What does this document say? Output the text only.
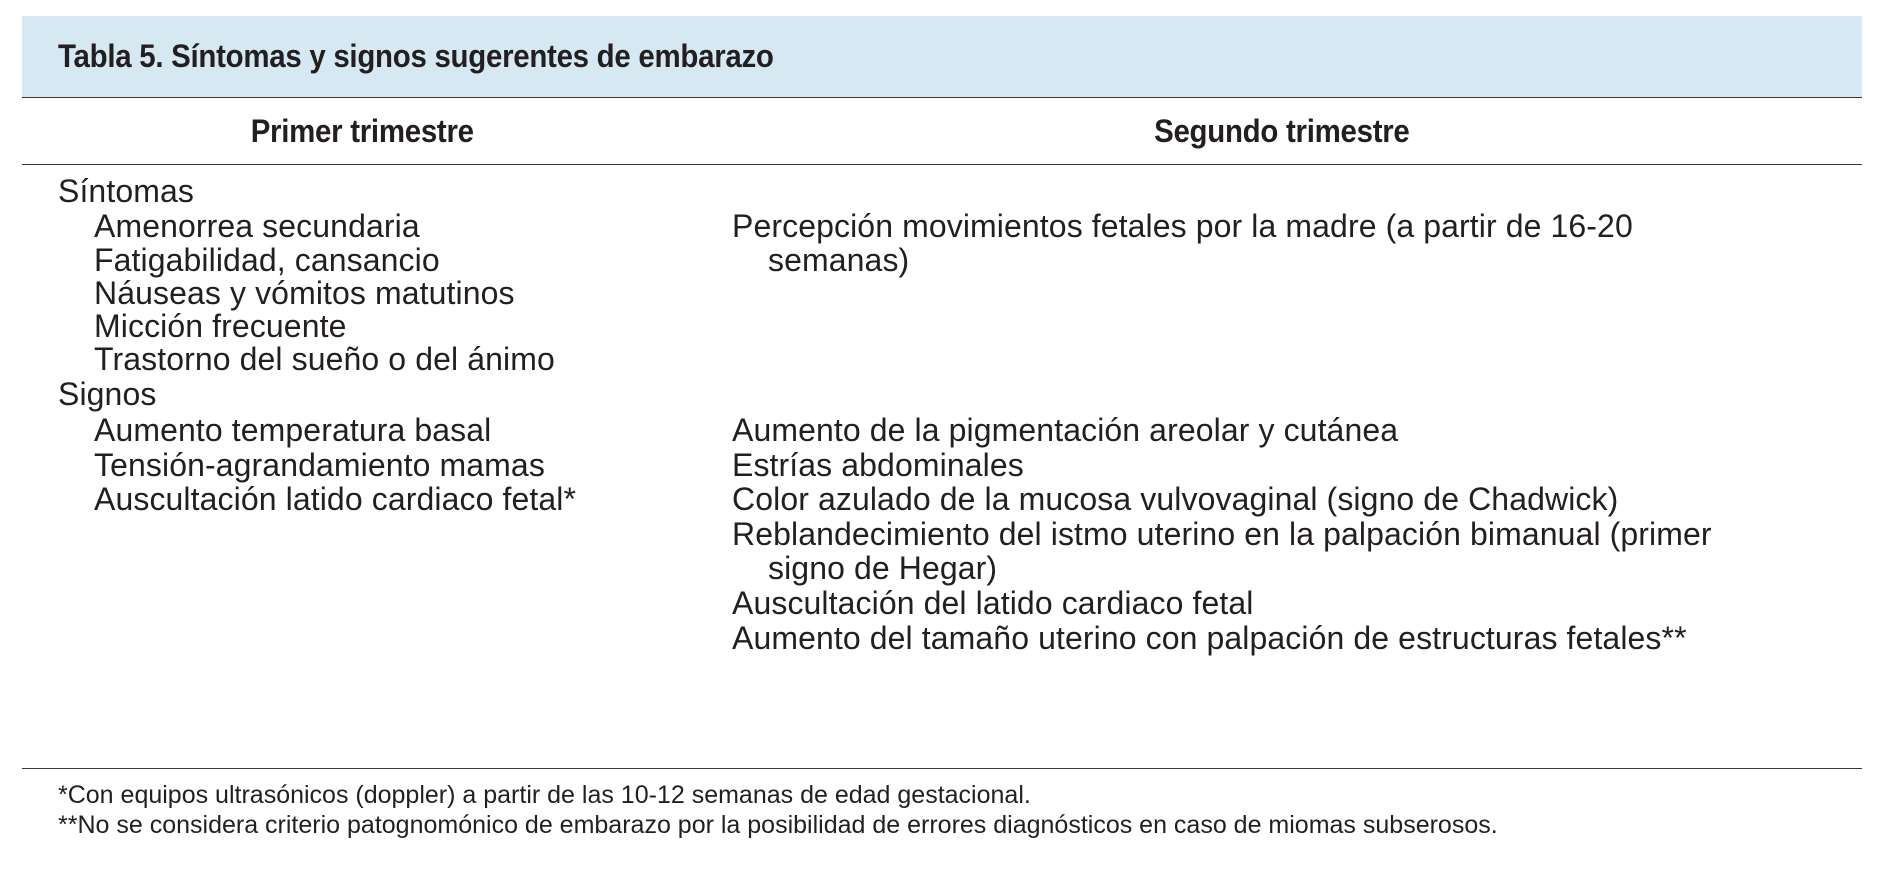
Tabla 5. Síntomas y signos sugerentes de embarazo
Primer trimestre	Segundo trimestre
Síntomas
Amenorrea secundaria
Fatigabilidad, cansancio
Náuseas y vómitos matutinos
Micción frecuente
Trastorno del sueño o del ánimo
Percepción movimientos fetales por la madre (a partir de 16-20
semanas)
Signos
Aumento temperatura basal
Tensión-agrandamiento mamas
Auscultación latido cardiaco fetal*
Aumento de la pigmentación areolar y cutánea
Estrías abdominales
Color azulado de la mucosa vulvovaginal (signo de Chadwick)
Reblandecimiento del istmo uterino en la palpación bimanual (primer
signo de Hegar)
Auscultación del latido cardiaco fetal
Aumento del tamaño uterino con palpación de estructuras fetales**
*Con equipos ultrasónicos (doppler) a partir de las 10-12 semanas de edad gestacional.
**No se considera criterio patognomónico de embarazo por la posibilidad de errores diagnósticos en caso de miomas subserosos.
